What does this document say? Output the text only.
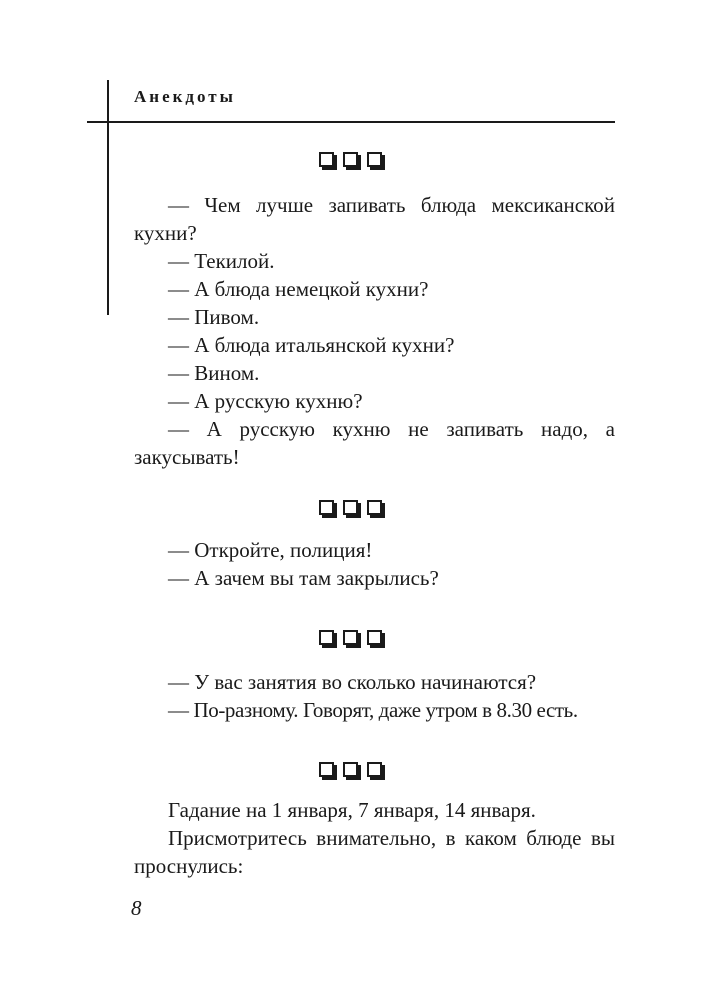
Анекдоты

— Чем лучше запивать блюда мексиканской кухни?

— Текилой.

— А блюда немецкой кухни?

— Пивом.

— А блюда итальянской кухни?

— Вином.

— А русскую кухню?

— А русскую кухню не запивать надо, а закусывать!

— Откройте, полиция!

— А зачем вы там закрылись?

— У вас занятия во сколько начинаются?

— По-разному. Говорят, даже утром в 8.30 есть.

Гадание на 1 января, 7 января, 14 января.

Присмотритесь внимательно, в каком блюде вы проснулись:

8
